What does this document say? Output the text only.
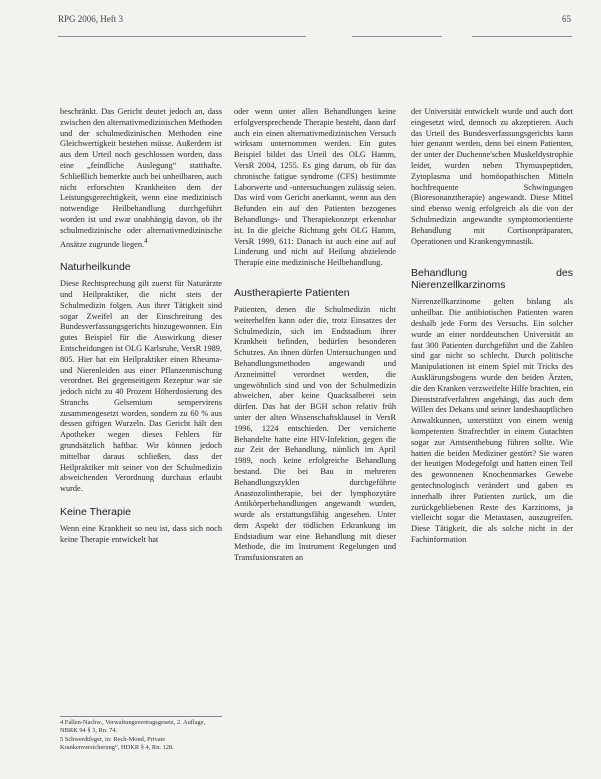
RPG 2006, Heft 3	65

beschränkt. Das Gericht deutet jedoch an, dass zwischen den alternativmedizinischen Methoden und der schulmedizinischen Methoden eine Gleichwertigkeit bestehen müsse. Außerdem ist aus dem Urteil noch geschlossen worden, dass eine „feindliche Auslegung“ statthafte. Schließlich bemerkte auch bei unheilbaren, auch nicht erforschten Krankheiten dem der Leistungsgerechtigkeit, wenn eine medizinisch notwendige Heilbehandlung durchgeführt worden ist und zwar unabhängig davon, ob ihr schulmedizinische oder alternativmedizinische Ansätze zugrunde liegen.$^4$

Naturheilkunde

Diese Rechtsprechung gilt zuerst für Naturärzte und Heilpraktiker, die nicht stets der Schulmedizin folgen. Aus ihrer Tätigkeit sind sogar Zweifel an der Einschreitung des Bundesverfassungsgerichts hinzugewonnen. Ein gutes Beispiel für die Auswirkung dieser Entscheidungen ist OLG Karlsruhe, VersR 1989, 805. Hier hat ein Heilpraktiker einen Rheuma- und Nierenleiden aus einer Pflanzenmischung verordnet. Bei gegenseitigem Rezeptur war sie jedoch nicht zu 40 Prozent Höherdosierung des Stranchs Gelsemium sempervirens zusammengesetzt worden, sondern zu 60 % aus dessen giftigen Wurzeln. Das Gericht hält den Apotheker wegen dieses Fehlers für grundsätzlich haftbar. Wir können jedoch mittelbar daraus schließen, dass der Heilpraktiker mit seiner von der Schulmedizin abweichenden Verordnung durchaus erlaubt wurde.

Keine Therapie

Wenn eine Krankheit so neu ist, dass sich noch keine Therapie entwickelt hat

4 Fallen-Nachw., Verwaltungsvertragsgesetz, 2. Auflage, NBRK 94 § 3, Rn. 74.

5 Schwerdtfeger, in: Rech-Mond, Private Krankenversicherung“, HDKR § 4, Rn. 128.

oder wenn unter allen Behandlungen keine erfolgversprechende Therapie besteht, dann darf auch ein einen alternativmedizinischen Versuch wirksam unternommen werden. Ein gutes Beispiel bildet das Urteil des OLG Hamm, VersR 2004, 1255. Es ging darum, ob für das chronische fatigue syndrome (CFS) bestimmte Laborwerte und -untersuchungen zulässig seien. Das wird vom Gericht anerkannt, wenn aus den Befunden ein auf den Patienten bezogenes Behandlungs- und Therapiekonzept erkennbar ist. In die gleiche Richtung geht OLG Hamm, VersR 1999, 611: Danach ist auch eine auf auf Linderung und nicht auf Heilung abzielende Therapie eine medizinische Heilbehandlung.

Austherapierte Patienten

Patienten, denen die Schulmedizin nicht weiterhelfen kann oder die, trotz Einsatzes der Schulmedizin, sich im Endstadium ihrer Krankheit befinden, bedürfen besonderen Schutzes. An ihnen dürfen Untersuchungen und Behandlungsmethoden angewandt und Arzneimittel verordnet werden, die ungewöhnlich sind und von der Schulmedizin abweichen, aber keine Quacksalberei sein dürfen. Das hat der BGH schon relativ früh unter der alten Wissenschaftsklausel in VersR 1996, 1224 entschieden. Der versicherte Behandelte hatte eine HIV-Infektion, gegen die zur Zeit der Behandlung, nämlich im April 1989, noch keine erfolgreiche Behandlung bestand. Die bei Bau in mehreren Behandlungszyklen durchgeführte Anastozolintherapie, bei der lymphozytäre Antikörperbehandlungen angewandt wurden, wurde als erstattungsfähig angesehen. Unter dem Aspekt der tödlichen Erkrankung im Endstadium war eine Behandlung mit dieser Methode, die im Instrument Regelungen und Transfusionsraten an

der Universität entwickelt wurde und auch dort eingesetzt wird, dennoch zu akzeptieren. Auch das Urteil des Bundesverfassungsgerichts kann hier genannt werden, denn bei einem Patienten, der unter der Duchenne'schen Muskeldystrophie leidet, wurden neben Thymuspeptiden, Zytoplasma und homöopathischen Mitteln hochfrequente Schwingungen (Bioresonanztherapie) angewandt. Diese Mittel sind ebenso wenig erfolgreich als die von der Schulmedizin angewandte symptomorientierte Behandlung mit Cortisonpräparaten, Operationen und Krankengymnastik.

Behandlung des Nierenzellkarzinoms

Nierenzellkarzinome gelten bislang als unheilbar. Die antibiotischen Patienten waren deshalb jede Form des Versuchs. Ein solcher wurde an einer norddeutschen Universität an fast 300 Patienten durchgeführt und die Zahlen sind gar nicht so schlecht. Durch politische Manipulationen ist einem Spiel mit Tricks des Ausklärungsbogens wurde den beiden Ärzten, die den Kranken verzweifelte Hilfe brachten, ein Dienststrafverfahren angehängt, das auch dem Willen des Dekans und seiner landeshauptlichen Anwaltkunnen, unterstützt von einem wenig kompetenten Strafrechtler in einem Gutachten sogar zur Amtsenthebung führen sollte. Wie hatten die beiden Mediziner gestört? Sie waren der heutigen Modegefolgt und hatten einen Teil des gewonnenen Knochenmarkes Gewebe gentechnologisch verändert und gaben es innerhalb ihrer Patienten zurück, um die zurückgebliebenen Reste des Karzinoms, ja vielleicht sogar die Metastasen, auszugreifen. Diese Tätigkeit, die als solche nicht in der Fachinformation
